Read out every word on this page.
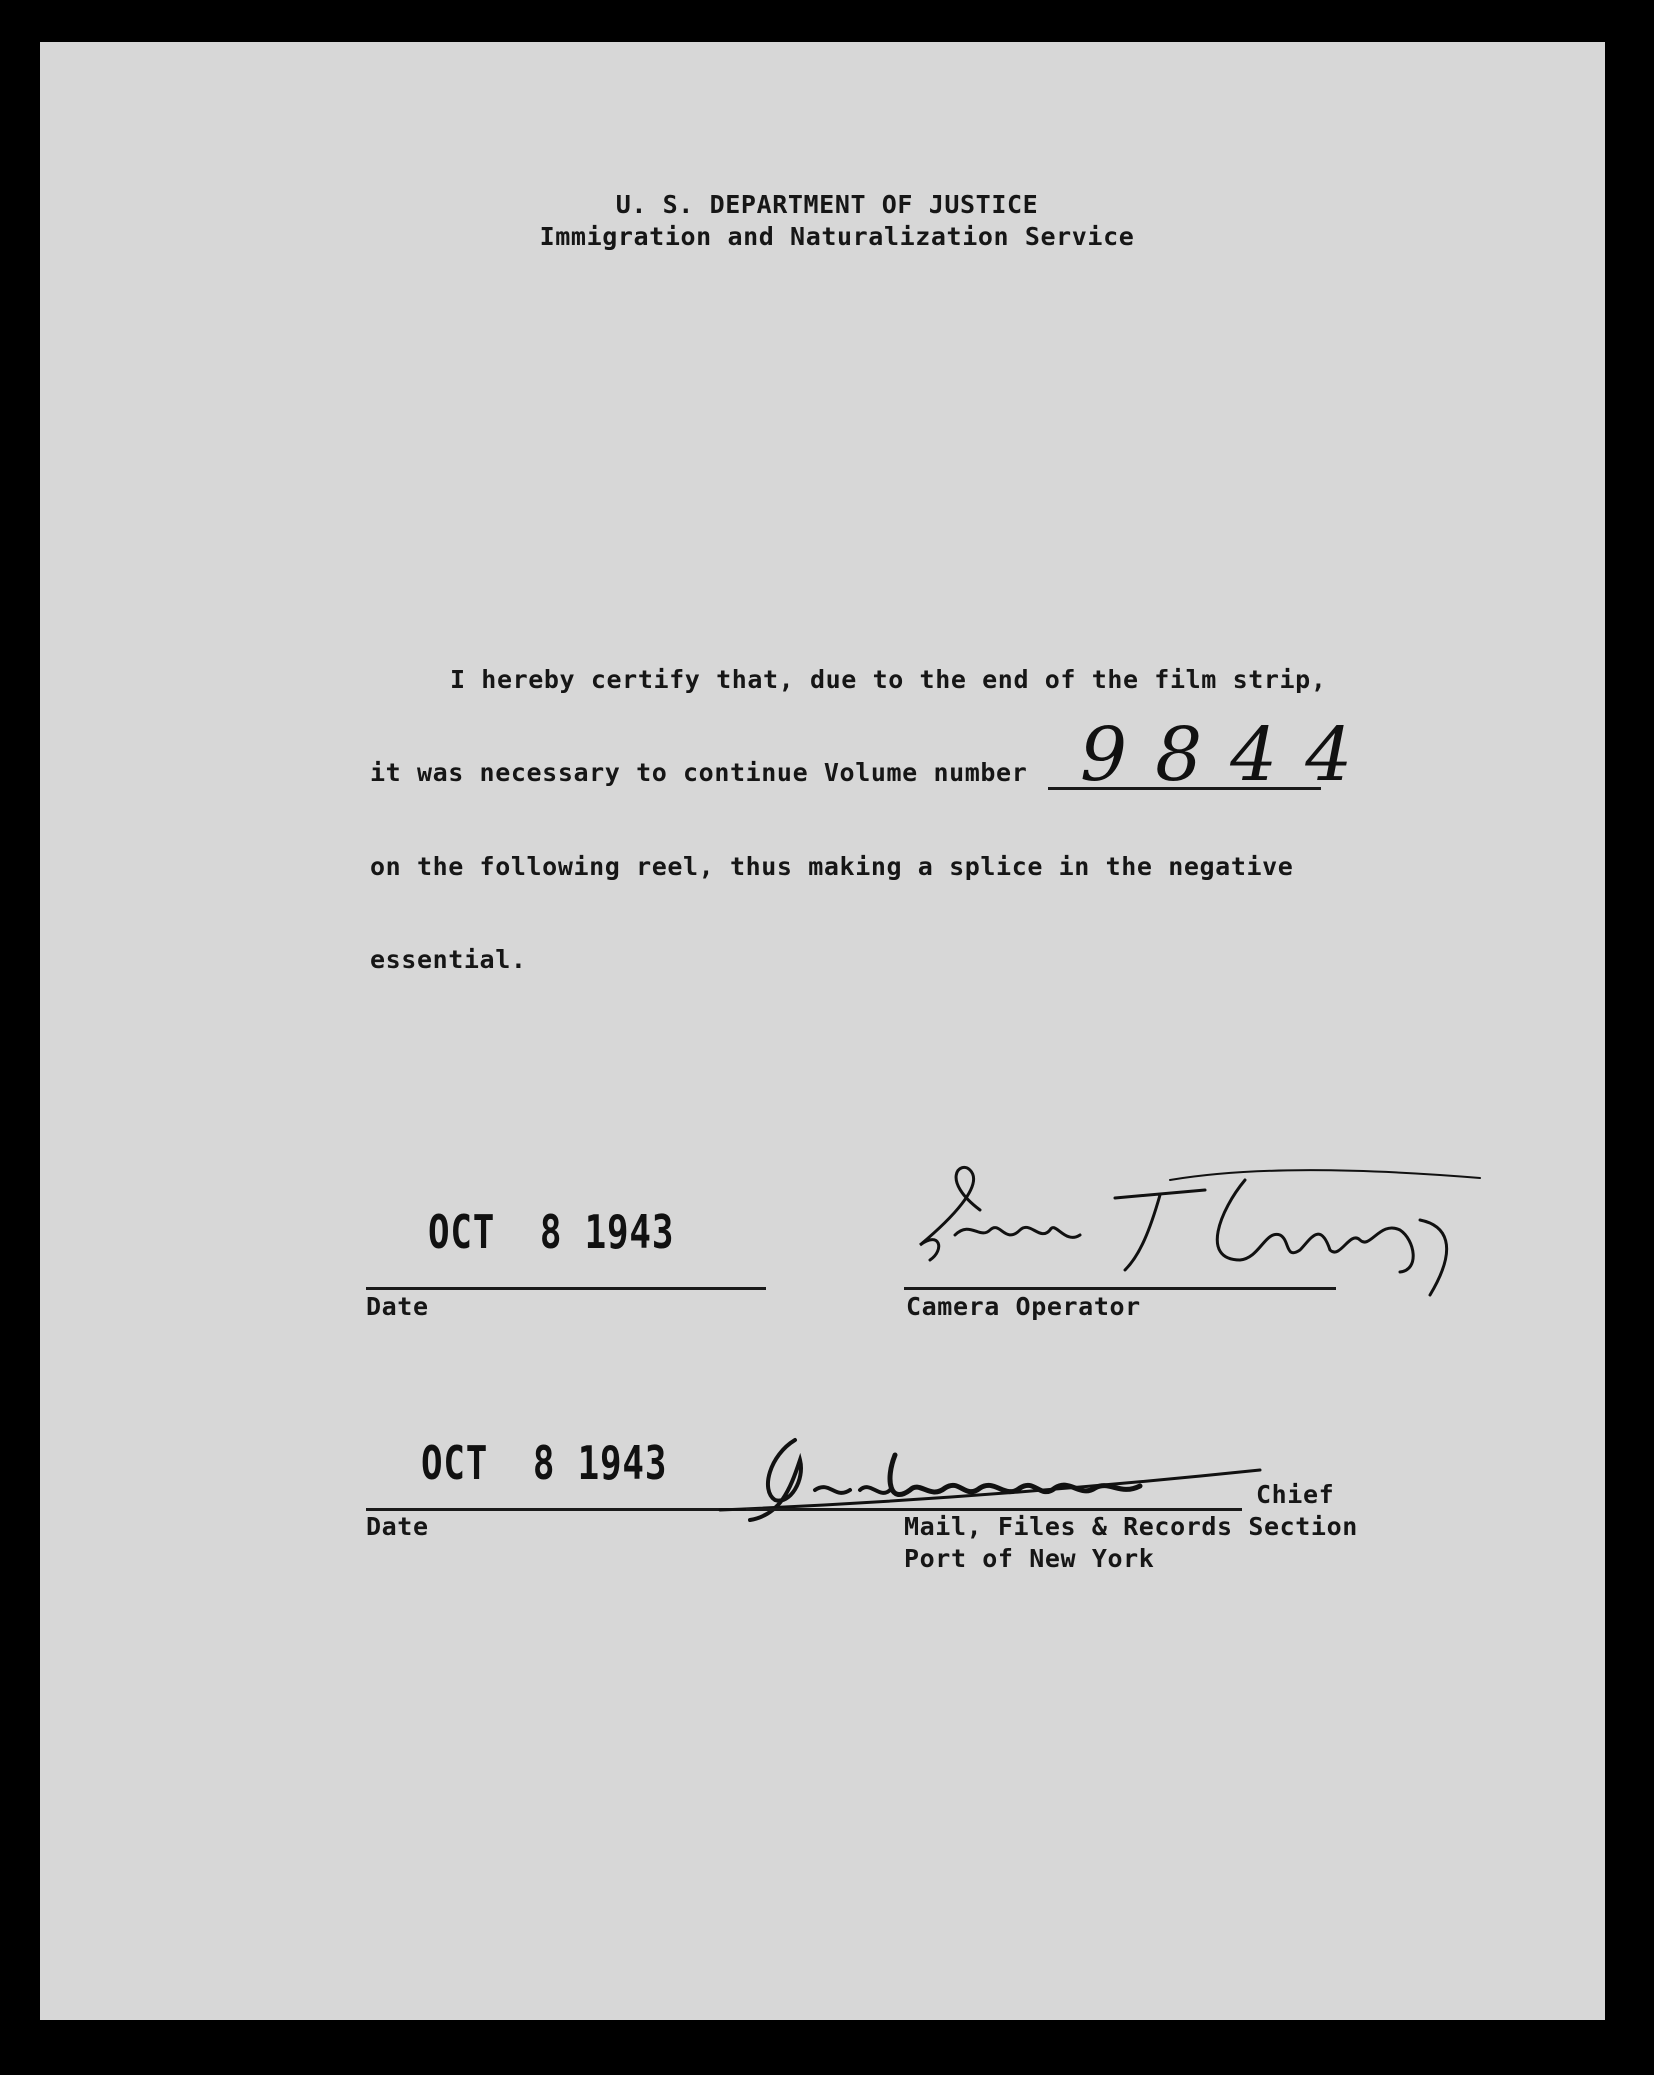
U. S. DEPARTMENT OF JUSTICE
Immigration and Naturalization Service
I hereby certify that, due to the end of the film strip,
it was necessary to continue Volume number 9844
on the following reel, thus making a splice in the negative
essential.
OCT  8 1943
Date	Camera Operator
OCT  8 1943
Date
Chief
Mail, Files & Records Section
Port of New York
